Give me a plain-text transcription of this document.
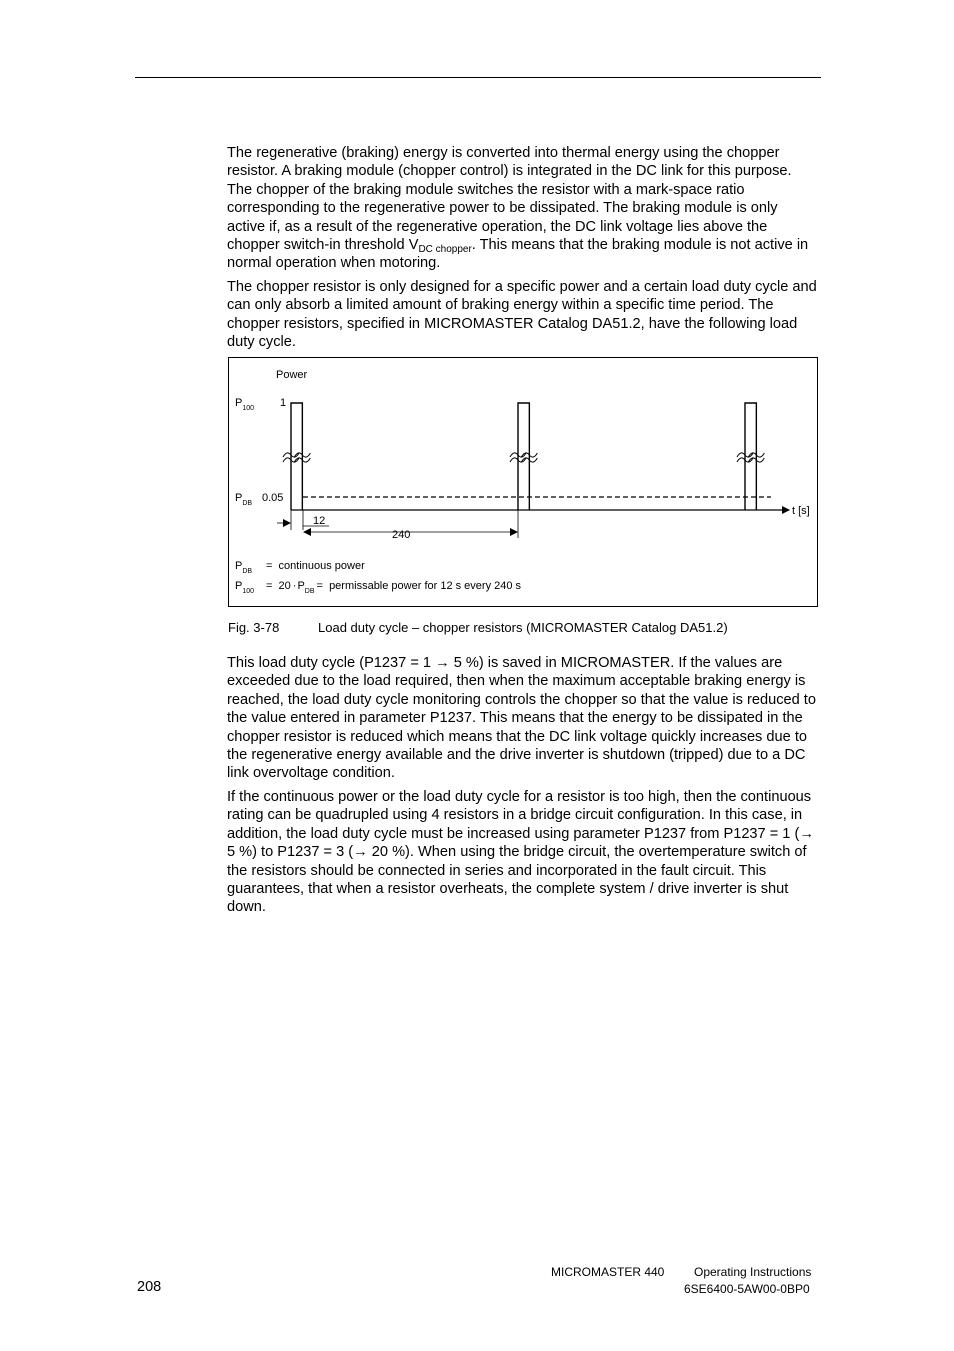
The regenerative (braking) energy is converted into thermal energy using the chopper resistor. A braking module (chopper control) is integrated in the DC link for this purpose. The chopper of the braking module switches the resistor with a mark-space ratio corresponding to the regenerative power to be dissipated. The braking module is only active if, as a result of the regenerative operation, the DC link voltage lies above the chopper switch-in threshold $V_{DC chopper}$. This means that the braking module is not active in normal operation when motoring.

The chopper resistor is only designed for a specific power and a certain load duty cycle and can only absorb a limited amount of braking energy within a specific time period. The chopper resistors, specified in MICROMASTER Catalog DA51.2, have the following load duty cycle.

Power
$P_{100}$ 1
$P_{DB}$ 0.05
t [s]
12
240
$P_{DB}$ =  continuous power
$P_{100} = 20 \cdot P_{DB}$ =  permissable power for 12 s every 240 s
Fig. 3-78	Load duty cycle – chopper resistors (MICROMASTER Catalog DA51.2)

This load duty cycle (P1237 = 1 → 5 %) is saved in MICROMASTER. If the values are exceeded due to the load required, then when the maximum acceptable braking energy is reached, the load duty cycle monitoring controls the chopper so that the value is reduced to the value entered in parameter P1237. This means that the energy to be dissipated in the chopper resistor is reduced which means that the DC link voltage quickly increases due to the regenerative energy available and the drive inverter is shutdown (tripped) due to a DC link overvoltage condition.

If the continuous power or the load duty cycle for a resistor is too high, then the continuous rating can be quadrupled using 4 resistors in a bridge circuit configuration. In this case, in addition, the load duty cycle must be increased using parameter P1237 from P1237 = 1 (→ 5 %) to P1237 = 3 (→ 20 %). When using the bridge circuit, the overtemperature switch of the resistors should be connected in series and incorporated in the fault circuit. This guarantees, that when a resistor overheats, the complete system / drive inverter is shut down.

208
MICROMASTER 440 Operating Instructions
6SE6400-5AW00-0BP0
